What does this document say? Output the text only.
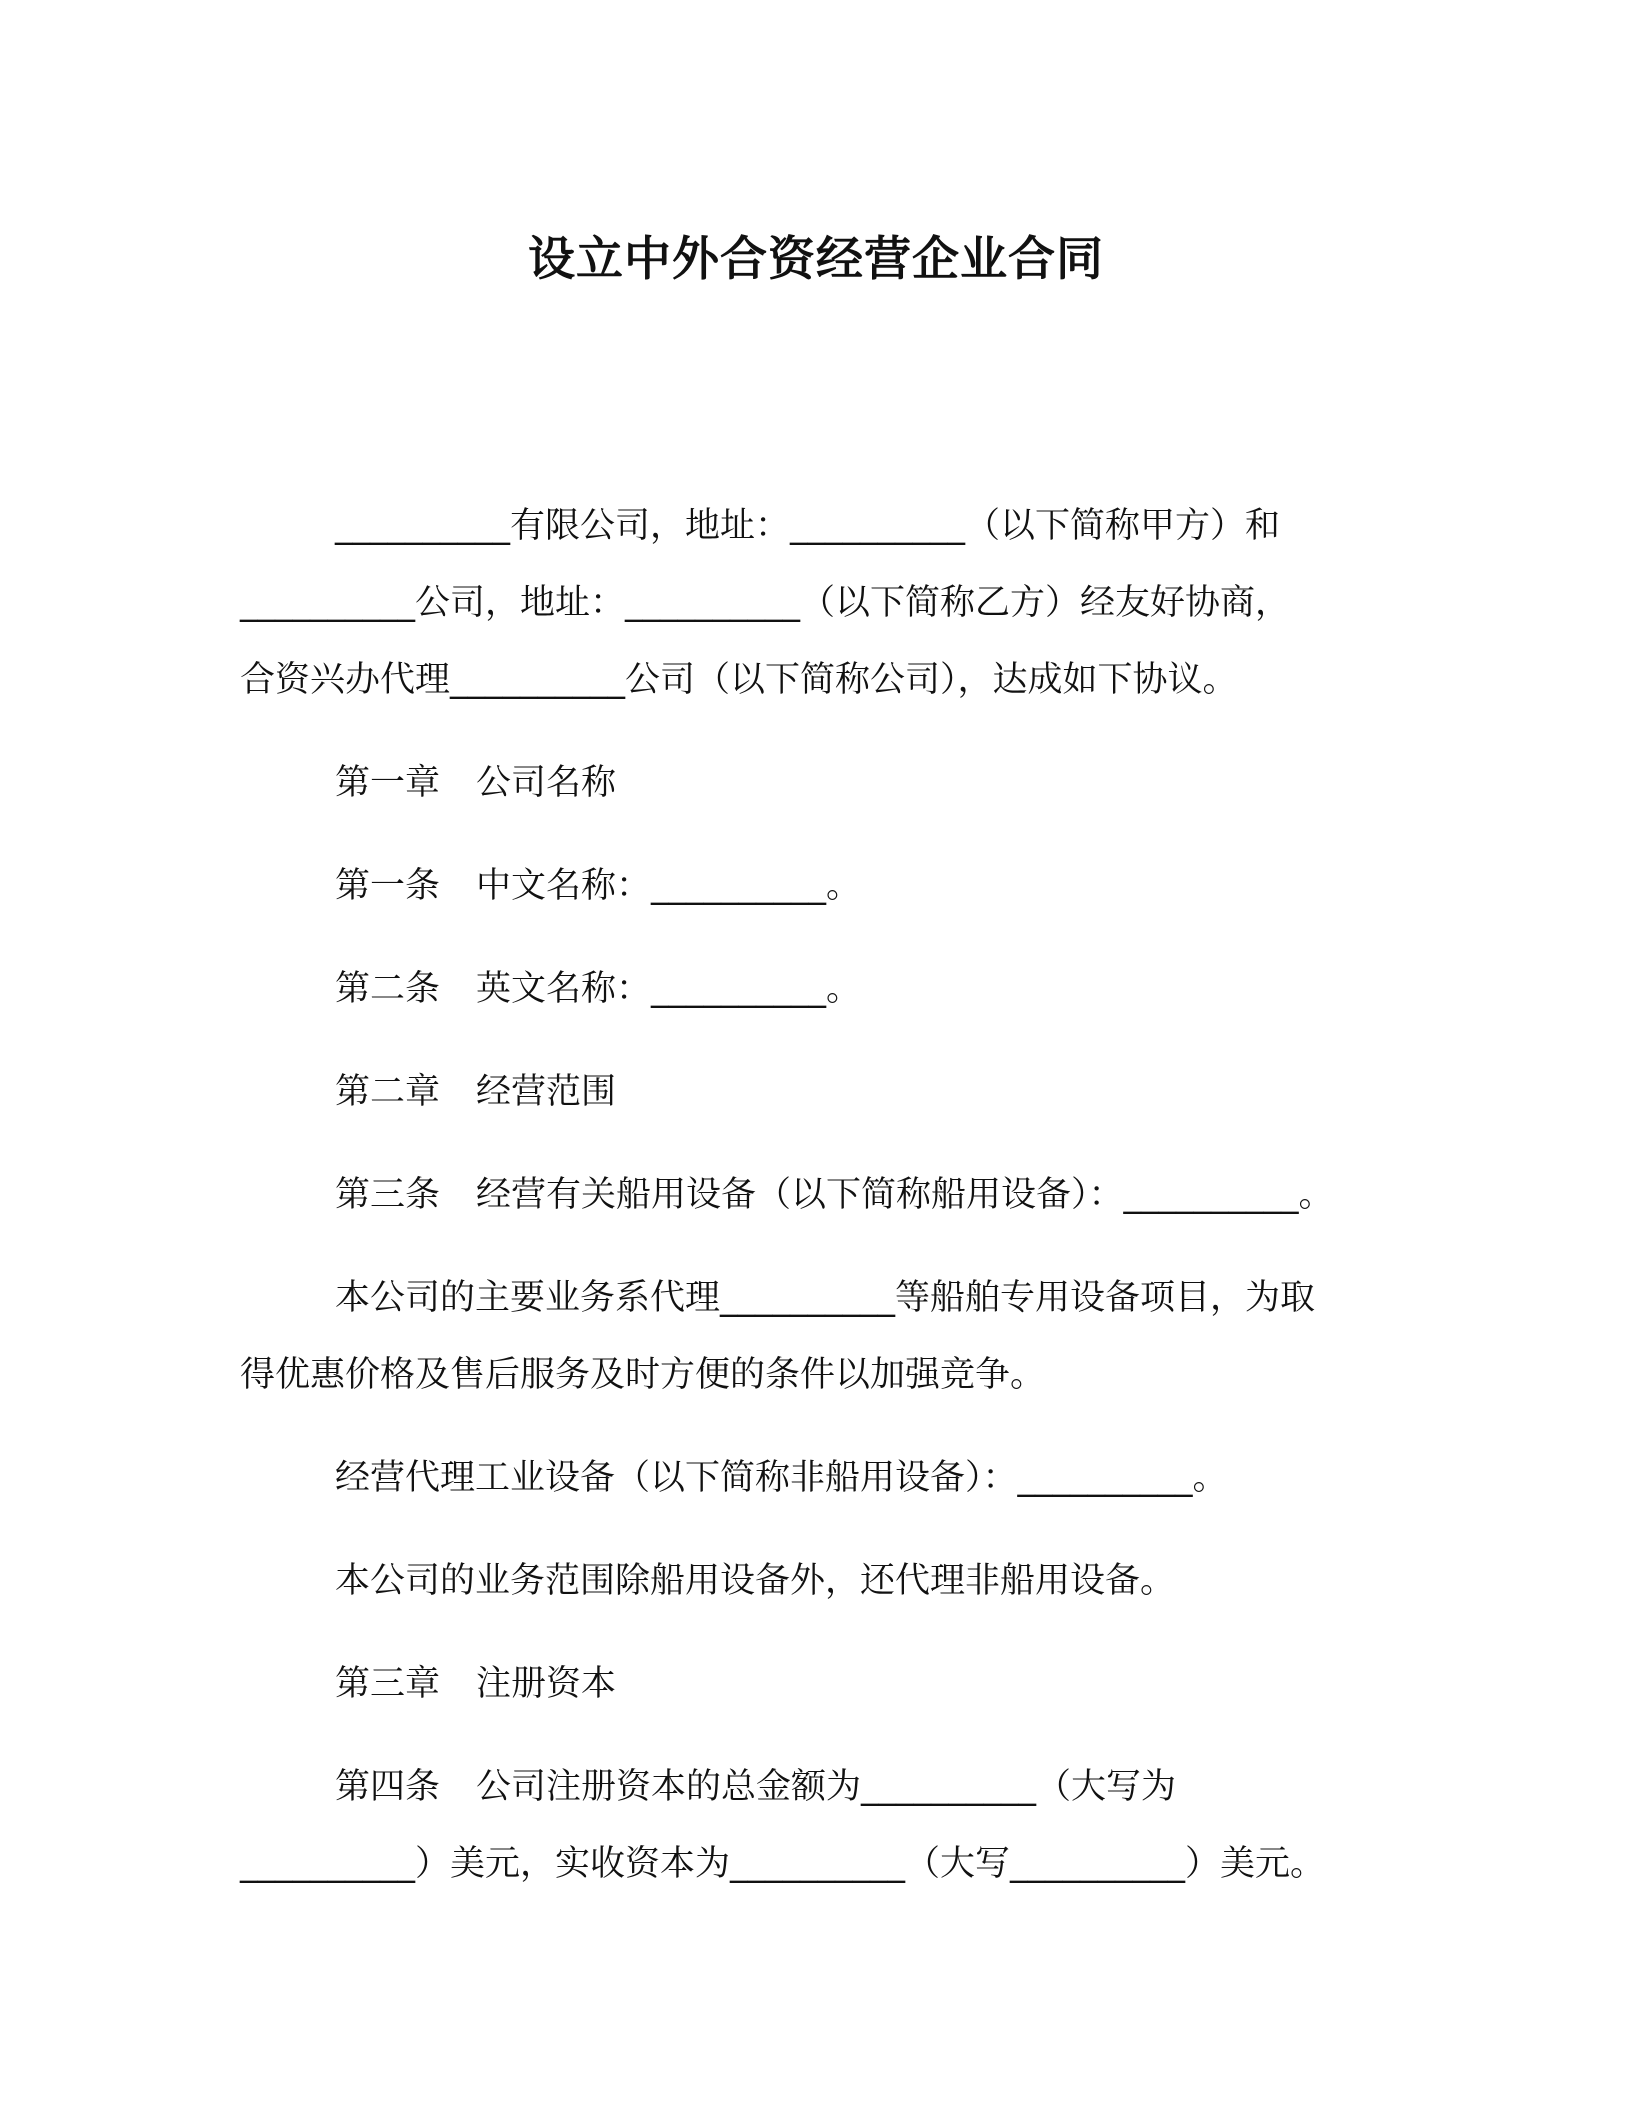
设立中外合资经营企业合同

__________有限公司，地址：__________（以下简称甲方）和
__________公司，地址：__________（以下简称乙方）经友好协商，
合资兴办代理__________公司（以下简称公司），达成如下协议。

第一章 公司名称

第一条 中文名称：__________。

第二条 英文名称：__________。

第二章 经营范围

第三条 经营有关船用设备（以下简称船用设备）：__________。

本公司的主要业务系代理__________等船舶专用设备项目，为取
得优惠价格及售后服务及时方便的条件以加强竞争。

经营代理工业设备（以下简称非船用设备）：__________。

本公司的业务范围除船用设备外，还代理非船用设备。

第三章 注册资本

第四条 公司注册资本的总金额为__________（大写为
__________）美元，实收资本为__________（大写__________）美元。
